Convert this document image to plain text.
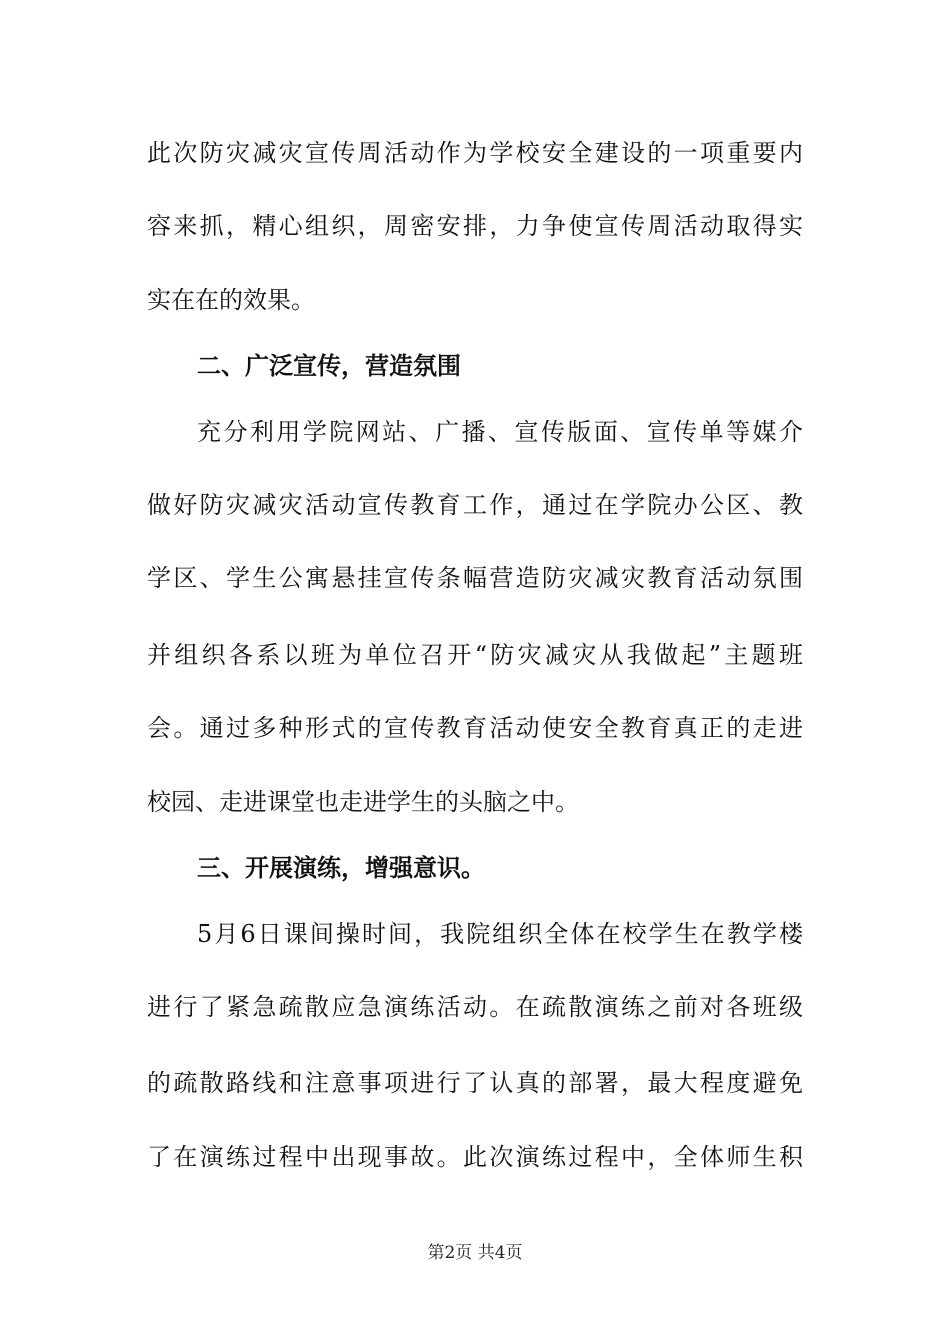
此次防灾减灾宣传周活动作为学校安全建设的一项重要内

容来抓，精心组织，周密安排，力争使宣传周活动取得实

实在在的效果。

二、广泛宣传，营造氛围

充分利用学院网站、广播、宣传版面、宣传单等媒介

做好防灾减灾活动宣传教育工作，通过在学院办公区、教

学区、学生公寓悬挂宣传条幅营造防灾减灾教育活动氛围

并组织各系以班为单位召开“防灾减灾从我做起”主题班

会。通过多种形式的宣传教育活动使安全教育真正的走进

校园、走进课堂也走进学生的头脑之中。

三、开展演练，增强意识。

5月6日课间操时间，我院组织全体在校学生在教学楼

进行了紧急疏散应急演练活动。在疏散演练之前对各班级

的疏散路线和注意事项进行了认真的部署，最大程度避免

了在演练过程中出现事故。此次演练过程中，全体师生积

第2页 共4页
